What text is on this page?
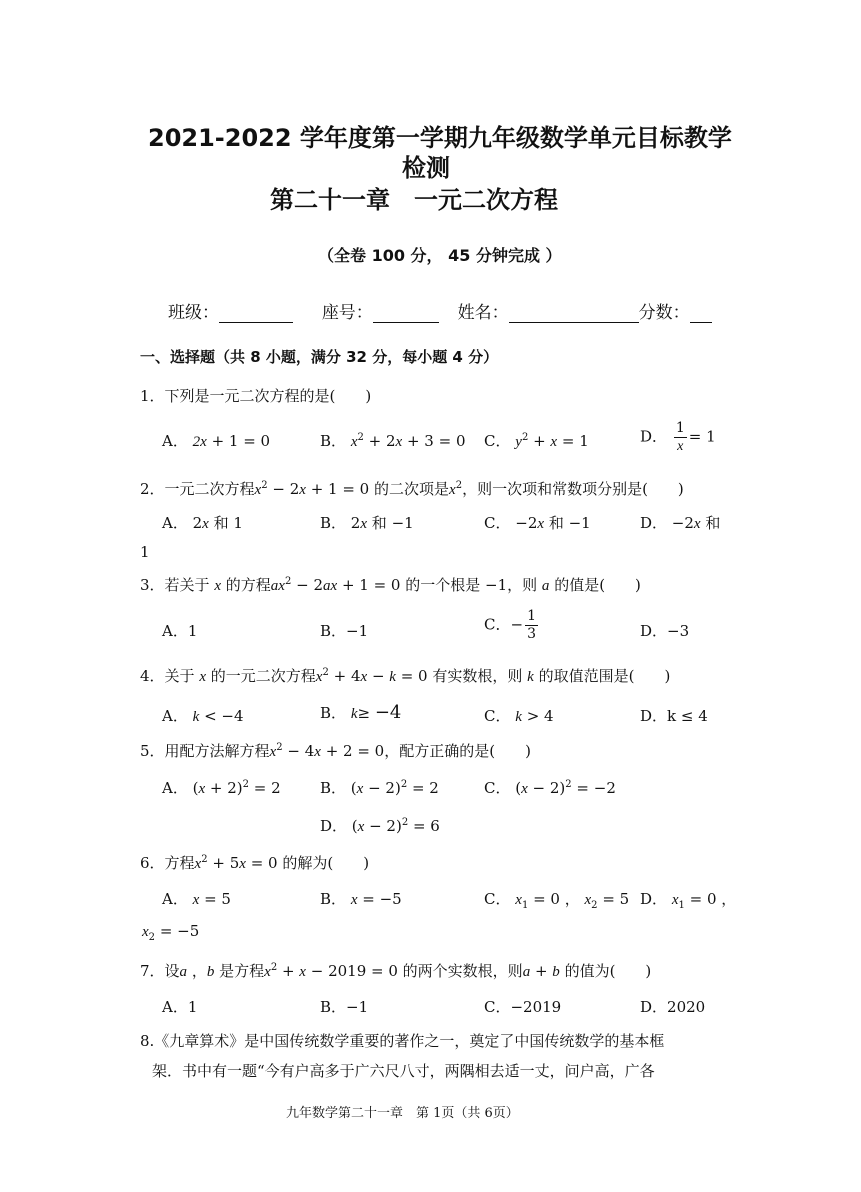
2021-2022 学年度第一学期九年级数学单元目标教学
检测
第二十一章　一元二次方程
（全卷 100 分， 45 分钟完成 ）
班级：	座号：	姓名：	分数：
一、选择题（共 8 小题，满分 32 分，每小题 4 分）
1．下列是一元二次方程的是(　　)
A． 2x + 1 = 0	B． $x^2 + 2x + 3 = 0$ C． $y^2 + x = 1$	D． $\frac{1}{x} = 1$
2．一元二次方程$x^2 - 2x + 1 = 0$ 的二次项是$x^2$，则一次项和常数项分别是(　　)
A． 2x 和 1	B． 2x 和 −1	C． −2x 和 −1	D． −2x 和
1
3．若关于 x 的方程$ax^2 - 2ax + 1 = 0$ 的一个根是 −1，则 a 的值是(　　)
A．1	B．−1	C．− $\frac{1}{3}$	D．−3
4．关于 x 的一元二次方程$x^2 + 4x - k = 0$ 有实数根，则 k 的取值范围是(　　)
A． k < −4	B． k≥ −4	C． k > 4	D．k ≤ 4
5．用配方法解方程$x^2 - 4x + 2 = 0$，配方正确的是(　　)
A． $(x + 2)^2 = 2$	B． $(x - 2)^2 = 2$	C． $(x - 2)^2 = -2$
D． $(x - 2)^2 = 6$
6．方程$x^2 + 5x = 0$ 的解为(　　)
A． x = 5	B． x = −5	C． $x_1 = 0$ ， $x_2 = 5$ D． $x_1 = 0$ ，
$x_2 = -5$
7．设a ，b 是方程$x^2 + x - 2019 = 0$ 的两个实数根，则a + b 的值为(　　)
A．1	B．−1	C．−2019	D．2020
8.《九章算术》是中国传统数学重要的著作之一，奠定了中国传统数学的基本框
架．书中有一题“今有户高多于广六尺八寸，两隅相去适一丈，问户高，广各
九年数学第二十一章　第 1页（共 6页）
